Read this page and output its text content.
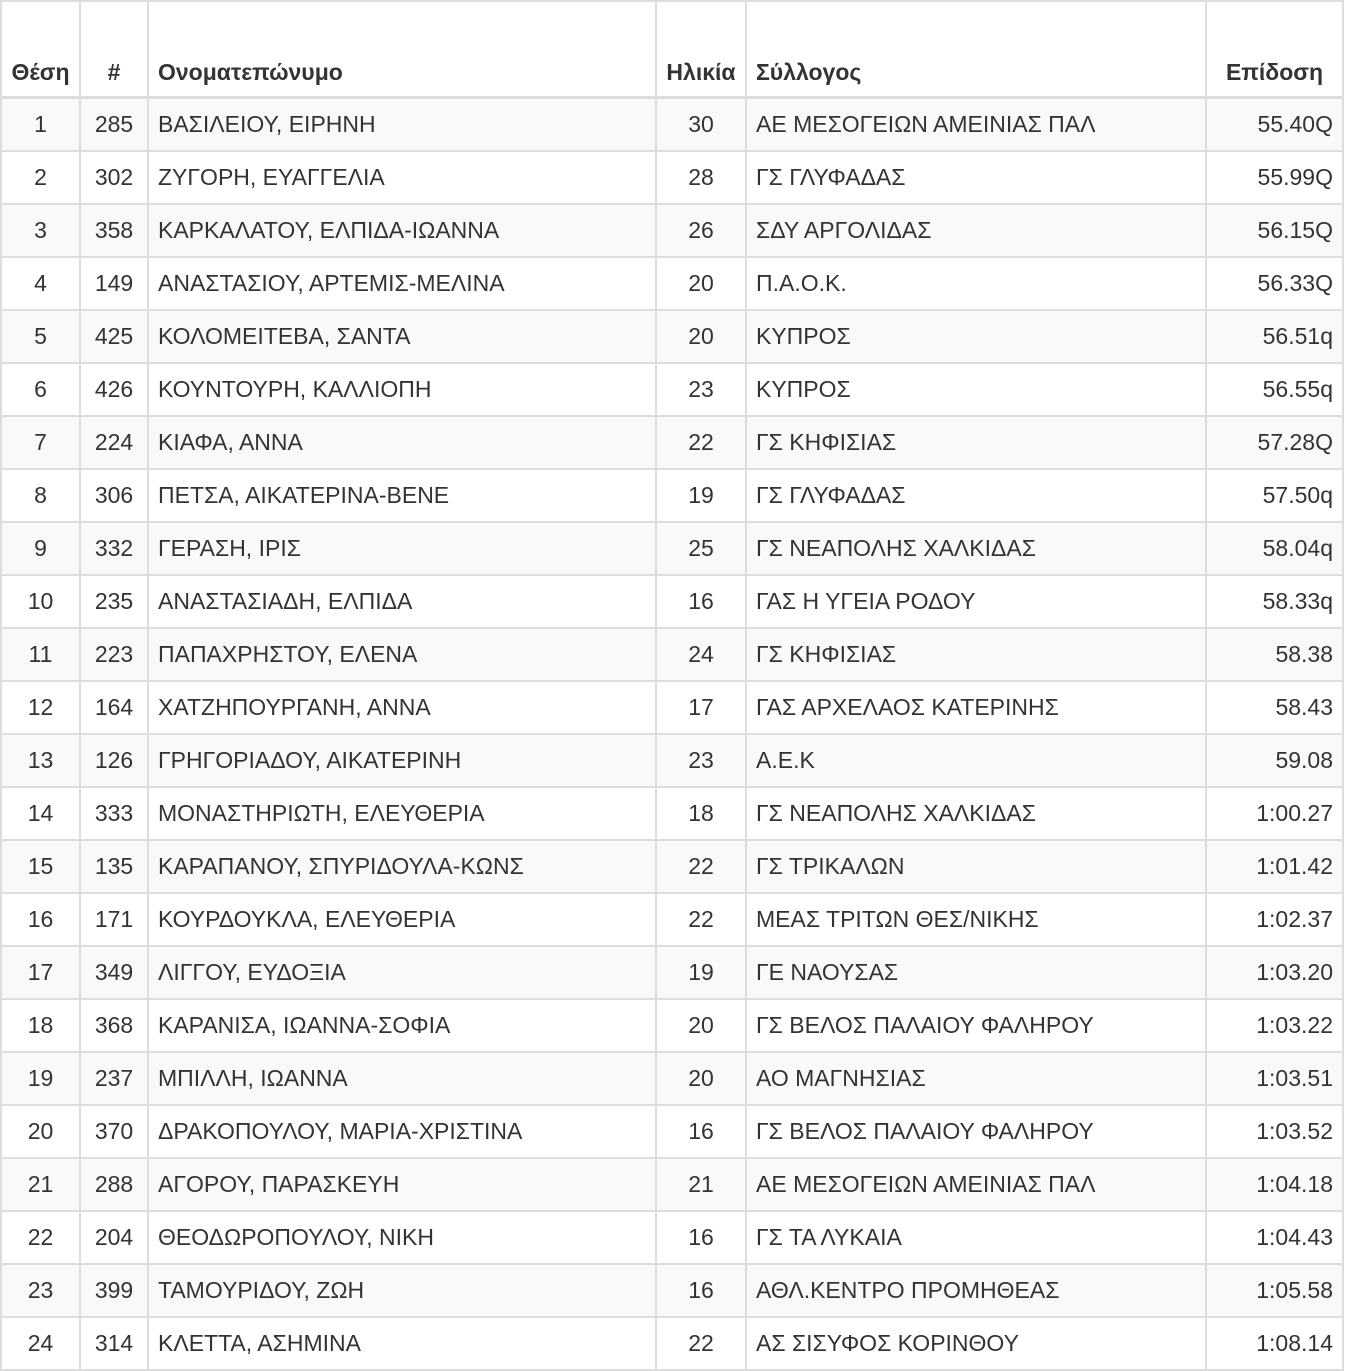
Θέση	#	Ονοματεπώνυμο	Ηλικία	Σύλλογος	Επίδοση
1	285	ΒΑΣΙΛΕΙΟΥ, ΕΙΡΗΝΗ	30	ΑΕ ΜΕΣΟΓΕΙΩΝ ΑΜΕΙΝΙΑΣ ΠΑΛ	55.40Q
2	302	ΖΥΓΟΡΗ, ΕΥΑΓΓΕΛΙΑ	28	ΓΣ ΓΛΥΦΑΔΑΣ	55.99Q
3	358	ΚΑΡΚΑΛΑΤΟΥ, ΕΛΠΙΔΑ-ΙΩΑΝΝΑ	26	ΣΔΥ ΑΡΓΟΛΙΔΑΣ	56.15Q
4	149	ΑΝΑΣΤΑΣΙΟΥ, ΑΡΤΕΜΙΣ-ΜΕΛΙΝΑ	20	Π.Α.Ο.Κ.	56.33Q
5	425	ΚΟΛΟΜΕΙΤΕΒΑ, ΣΑΝΤΑ	20	ΚΥΠΡΟΣ	56.51q
6	426	ΚΟΥΝΤΟΥΡΗ, ΚΑΛΛΙΟΠΗ	23	ΚΥΠΡΟΣ	56.55q
7	224	ΚΙΑΦΑ, ΑΝΝΑ	22	ΓΣ ΚΗΦΙΣΙΑΣ	57.28Q
8	306	ΠΕΤΣΑ, ΑΙΚΑΤΕΡΙΝΑ-ΒΕΝΕ	19	ΓΣ ΓΛΥΦΑΔΑΣ	57.50q
9	332	ΓΕΡΑΣΗ, ΙΡΙΣ	25	ΓΣ ΝΕΑΠΟΛΗΣ ΧΑΛΚΙΔΑΣ	58.04q
10	235	ΑΝΑΣΤΑΣΙΑΔΗ, ΕΛΠΙΔΑ	16	ΓΑΣ Η ΥΓΕΙΑ ΡΟΔΟΥ	58.33q
11	223	ΠΑΠΑΧΡΗΣΤΟΥ, ΕΛΕΝΑ	24	ΓΣ ΚΗΦΙΣΙΑΣ	58.38
12	164	ΧΑΤΖΗΠΟΥΡΓΑΝΗ, ΑΝΝΑ	17	ΓΑΣ ΑΡΧΕΛΑΟΣ ΚΑΤΕΡΙΝΗΣ	58.43
13	126	ΓΡΗΓΟΡΙΑΔΟΥ, ΑΙΚΑΤΕΡΙΝΗ	23	Α.Ε.Κ	59.08
14	333	ΜΟΝΑΣΤΗΡΙΩΤΗ, ΕΛΕΥΘΕΡΙΑ	18	ΓΣ ΝΕΑΠΟΛΗΣ ΧΑΛΚΙΔΑΣ	1:00.27
15	135	ΚΑΡΑΠΑΝΟΥ, ΣΠΥΡΙΔΟΥΛΑ-ΚΩΝΣ	22	ΓΣ ΤΡΙΚΑΛΩΝ	1:01.42
16	171	ΚΟΥΡΔΟΥΚΛΑ, ΕΛΕΥΘΕΡΙΑ	22	ΜΕΑΣ ΤΡΙΤΩΝ ΘΕΣ/ΝΙΚΗΣ	1:02.37
17	349	ΛΙΓΓΟΥ, ΕΥΔΟΞΙΑ	19	ΓΕ ΝΑΟΥΣΑΣ	1:03.20
18	368	ΚΑΡΑΝΙΣΑ, ΙΩΑΝΝΑ-ΣΟΦΙΑ	20	ΓΣ ΒΕΛΟΣ ΠΑΛΑΙΟΥ ΦΑΛΗΡΟΥ	1:03.22
19	237	ΜΠΙΛΛΗ, ΙΩΑΝΝΑ	20	ΑΟ ΜΑΓΝΗΣΙΑΣ	1:03.51
20	370	ΔΡΑΚΟΠΟΥΛΟΥ, ΜΑΡΙΑ-ΧΡΙΣΤΙΝΑ	16	ΓΣ ΒΕΛΟΣ ΠΑΛΑΙΟΥ ΦΑΛΗΡΟΥ	1:03.52
21	288	ΑΓΟΡΟΥ, ΠΑΡΑΣΚΕΥΗ	21	ΑΕ ΜΕΣΟΓΕΙΩΝ ΑΜΕΙΝΙΑΣ ΠΑΛ	1:04.18
22	204	ΘΕΟΔΩΡΟΠΟΥΛΟΥ, ΝΙΚΗ	16	ΓΣ ΤΑ ΛΥΚΑΙΑ	1:04.43
23	399	ΤΑΜΟΥΡΙΔΟΥ, ΖΩΗ	16	ΑΘΛ.ΚΕΝΤΡΟ ΠΡΟΜΗΘΕΑΣ	1:05.58
24	314	ΚΛΕΤΤΑ, ΑΣΗΜΙΝΑ	22	ΑΣ ΣΙΣΥΦΟΣ ΚΟΡΙΝΘΟΥ	1:08.14
